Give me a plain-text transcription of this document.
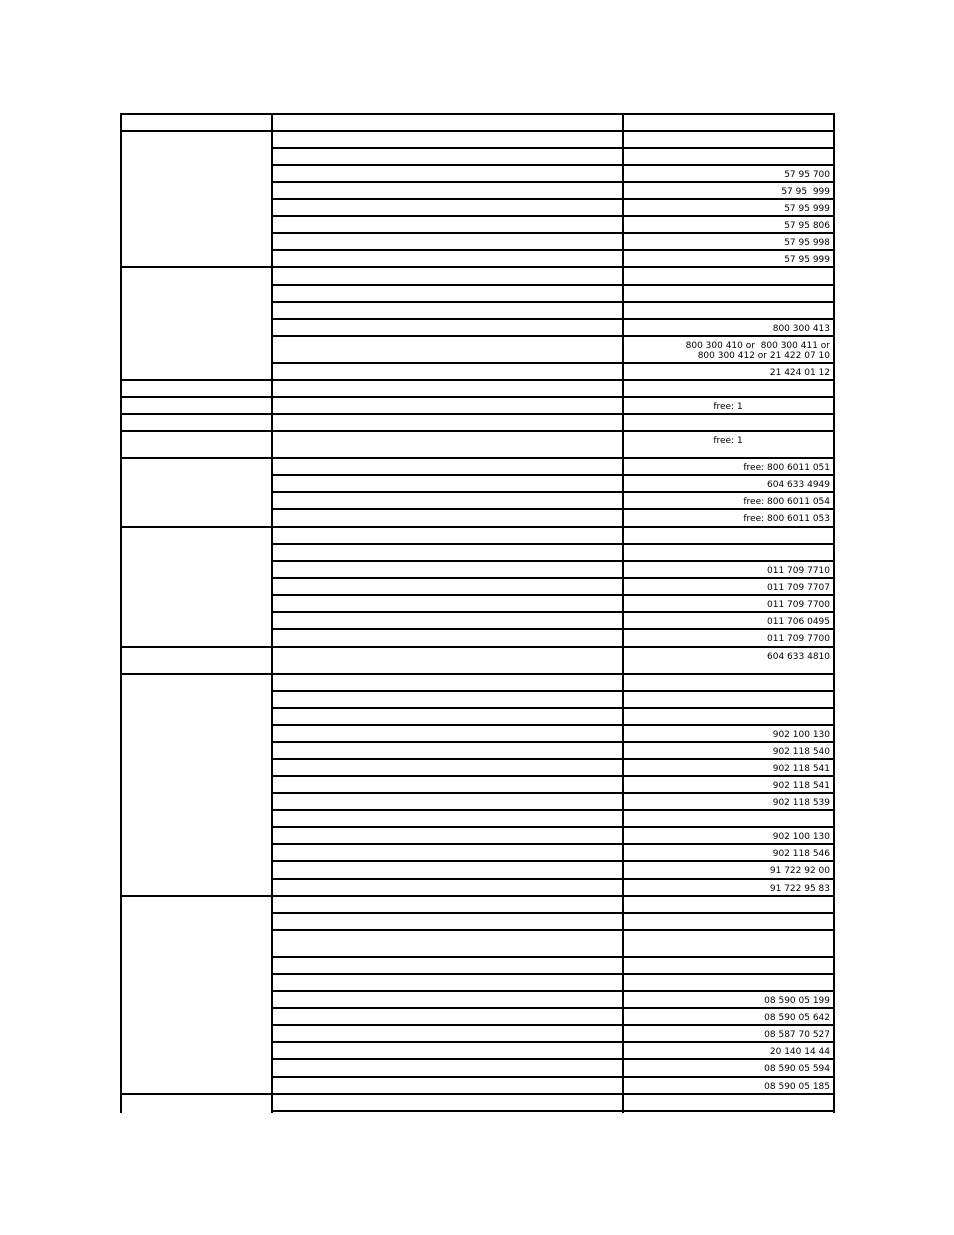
57 95 700
57 95  999
57 95 999
57 95 806
57 95 998
57 95 999
800 300 413
800 300 410 or  800 300 411 or
800 300 412 or 21 422 07 10
21 424 01 12
free: 1
free: 1
free: 800 6011 051
604 633 4949
free: 800 6011 054
free: 800 6011 053
011 709 7710
011 709 7707
011 709 7700
011 706 0495
011 709 7700
604 633 4810
902 100 130
902 118 540
902 118 541
902 118 541
902 118 539
902 100 130
902 118 546
91 722 92 00
91 722 95 83
08 590 05 199
08 590 05 642
08 587 70 527
20 140 14 44
08 590 05 594
08 590 05 185
